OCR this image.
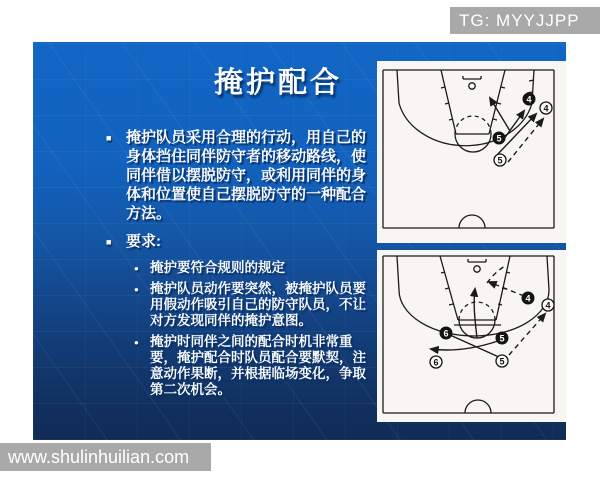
TG: MYYJJPP
掩护配合
■ 掩护队员采用合理的行动，用自己的身体挡住同伴防守者的移动路线，使同伴借以摆脱防守，或利用同伴的身体和位置使自己摆脱防守的一种配合方法。
■ 要求:
● 掩护要符合规则的规定
● 掩护队员动作要突然，被掩护队员要用假动作吸引自己的防守队员，不让对方发现同伴的掩护意图。
● 掩护时同伴之间的配合时机非常重要，掩护配合时队员配合要默契，注意动作果断，并根据临场变化，争取第二次机会。
4
4
5
5
4
4
6	5
6	5
www.shulinhuilian.com
